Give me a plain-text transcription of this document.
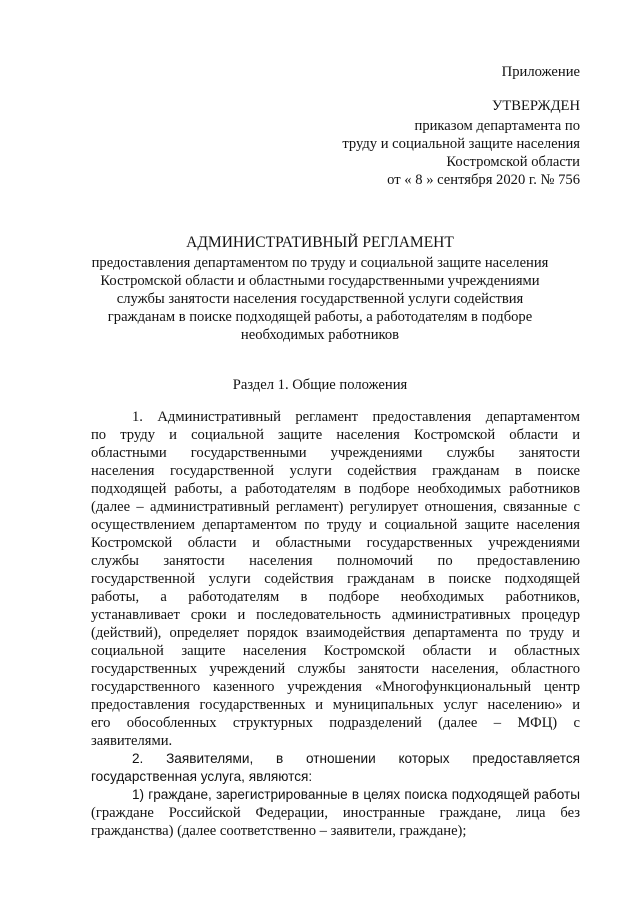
Приложение
УТВЕРЖДЕН
приказом департамента по
труду и социальной защите населения
Костромской области
от « 8 » сентября 2020 г. № 756
АДМИНИСТРАТИВНЫЙ РЕГЛАМЕНТ
предоставления департаментом по труду и социальной защите населения
Костромской области и областными государственными учреждениями
службы занятости населения государственной услуги содействия
гражданам в поиске подходящей работы, а работодателям в подборе
необходимых работников
Раздел 1. Общие положения
1. Административный регламент предоставления департаментом
по труду и социальной защите населения Костромской области и
областными государственными учреждениями службы занятости
населения государственной услуги содействия гражданам в поиске
подходящей работы, а работодателям в подборе необходимых работников
(далее – административный регламент) регулирует отношения, связанные с
осуществлением департаментом по труду и социальной защите населения
Костромской области и областными государственных учреждениями
службы занятости населения полномочий по предоставлению
государственной услуги содействия гражданам в поиске подходящей
работы, а работодателям в подборе необходимых работников,
устанавливает сроки и последовательность административных процедур
(действий), определяет порядок взаимодействия департамента по труду и
социальной защите населения Костромской области и областных
государственных учреждений службы занятости населения, областного
государственного казенного учреждения «Многофункциональный центр
предоставления государственных и муниципальных услуг населению» и
его обособленных структурных подразделений (далее – МФЦ) с
заявителями.
2. Заявителями, в отношении которых предоставляется
государственная услуга, являются:
1) граждане, зарегистрированные в целях поиска подходящей работы
(граждане Российской Федерации, иностранные граждане, лица без
гражданства) (далее соответственно – заявители, граждане);
